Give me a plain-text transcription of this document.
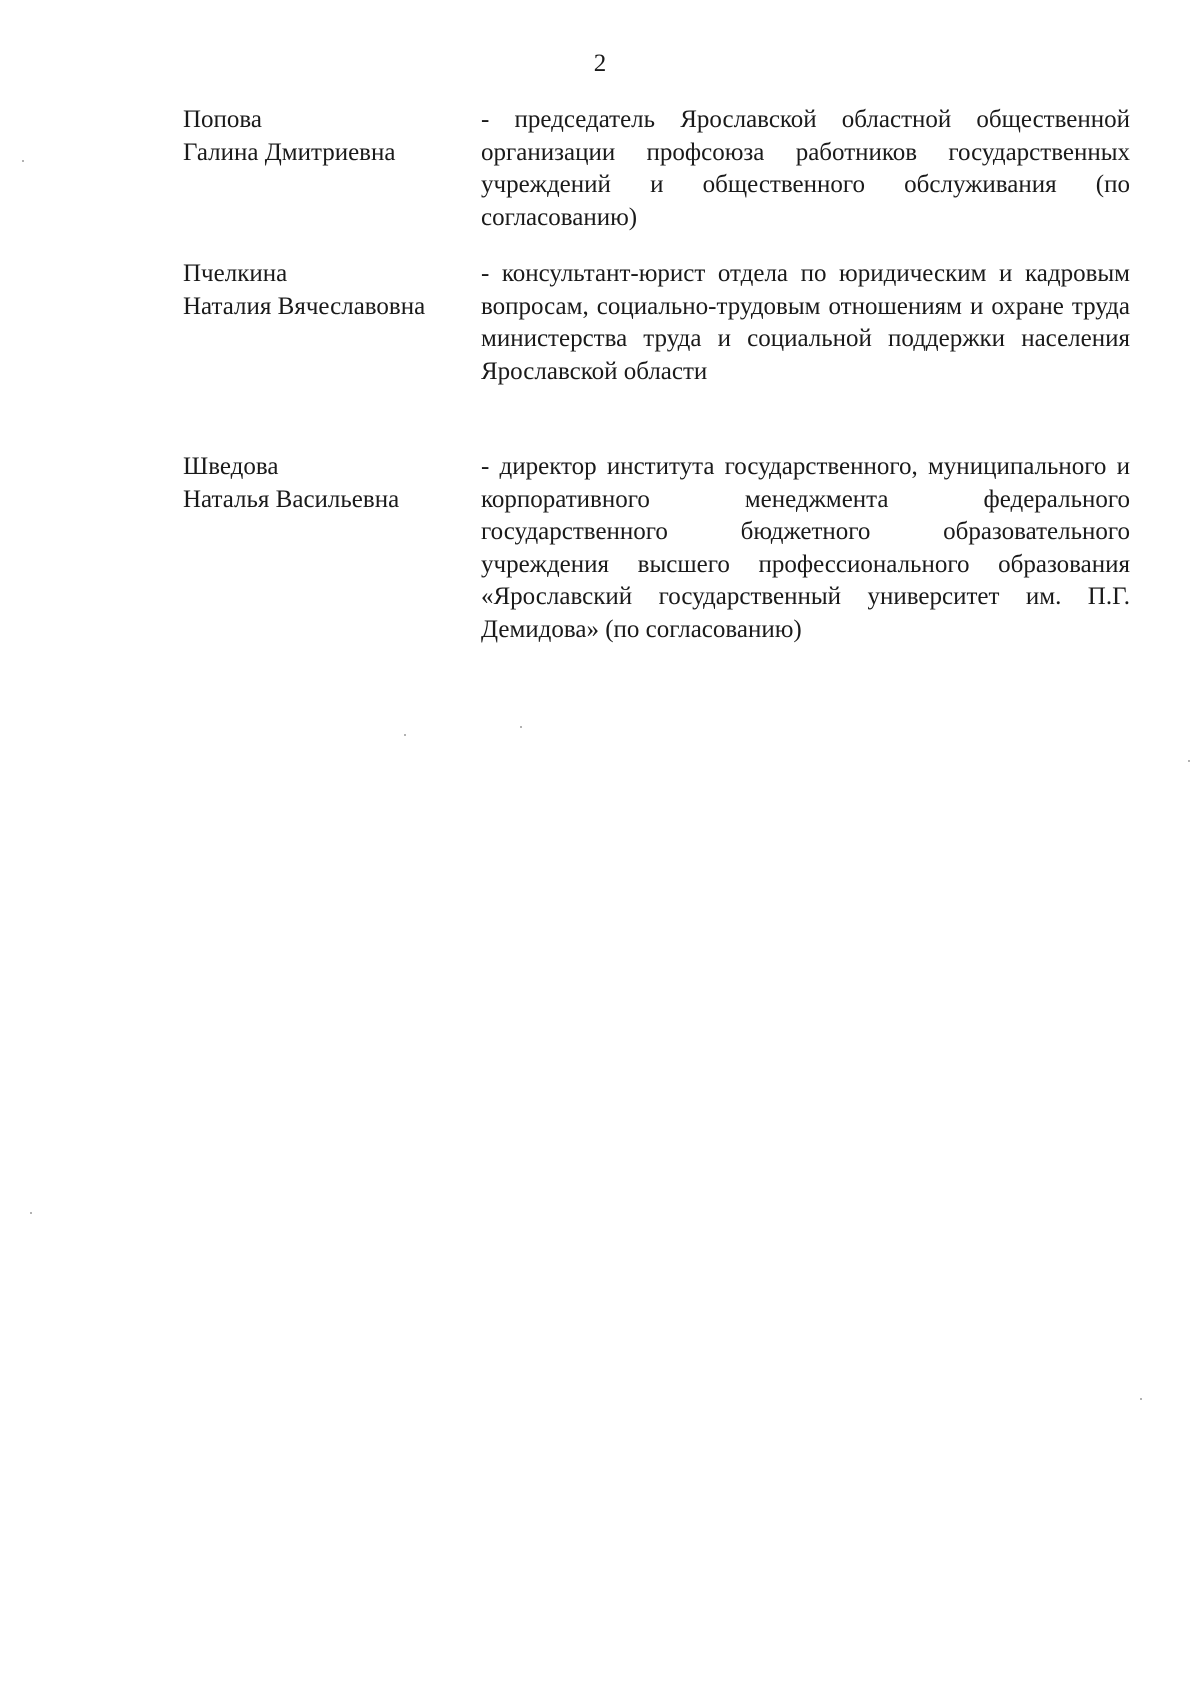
2
Попова
Галина Дмитриевна
- председатель Ярославской областной общественной организации профсоюза работников государственных учреждений и общественного обслуживания (по согласованию)
Пчелкина
Наталия Вячеславовна
- консультант-юрист отдела по юридическим и кадровым вопросам, социально-трудовым отношениям и охране труда министерства труда и социальной поддержки населения Ярославской области
Шведова
Наталья Васильевна
- директор института государственного, муниципального и корпоративного менеджмента федерального государственного бюджетного образовательного учреждения высшего профессионального образования «Ярославский государственный университет им. П.Г. Демидова» (по согласованию)
